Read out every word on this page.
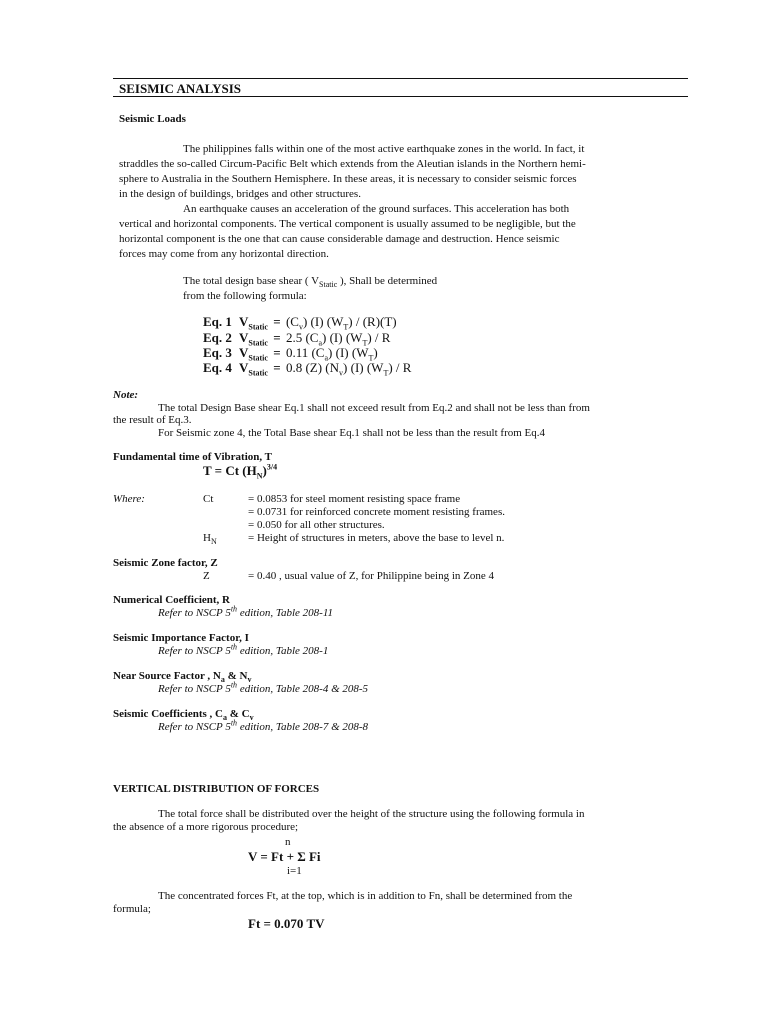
SEISMIC ANALYSIS
Seismic Loads
The philippines falls within one of the most active earthquake zones in the world. In fact, it
straddles the so-called Circum-Pacific Belt which extends from the Aleutian islands in the Northern hemi-
sphere to Australia in the Southern Hemisphere. In these areas, it is necessary to consider seismic forces
in the design of buildings, bridges and other structures.
An earthquake causes an acceleration of the ground surfaces. This acceleration has both
vertical and horizontal components. The vertical component is usually assumed to be negligible, but the
horizontal component is the one that can cause considerable damage and destruction. Hence seismic
forces may come from any horizontal direction.
The total design base shear ( $V_{Static}$ ), Shall be determined
from the following formula:
Eq. 1 $V_{Static} = (C_v)$ (I) $(W_T) / (R)(T)$
Eq. 2 $V_{Static} = 2.5$ $(C_a)$ (I) $(W_T)$ / R
Eq. 3 $V_{Static} = 0.11$ $(C_a)$ (I) $(W_T)$
Eq. 4 $V_{Static} = 0.8$ (Z) $(N_v)$ (I) $(W_T)$ / R
Note:
The total Design Base shear Eq.1 shall not exceed result from Eq.2 and shall not be less than from
the result of Eq.3.
For Seismic zone 4, the Total Base shear Eq.1 shall not be less than the result from Eq.4
Fundamental time of Vibration, T
T = Ct $(H_N)^{3/4}$
Where:	Ct	= 0.0853 for steel moment resisting space frame
= 0.0731 for reinforced concrete moment resisting frames.
= 0.050 for all other structures.
$H_N$	= Height of structures in meters, above the base to level n.
Seismic Zone factor, Z
Z	= 0.40 , usual value of Z, for Philippine being in Zone 4
Numerical Coefficient, R
Refer to NSCP 5th edition, Table 208-11
Seismic Importance Factor, I
Refer to NSCP 5th edition, Table 208-1
Near Source Factor , $N_a$ & $N_v$
Refer to NSCP 5th edition, Table 208-4 & 208-5
Seismic Coefficients , $C_a$ & $C_v$
Refer to NSCP 5th edition, Table 208-7 & 208-8
VERTICAL DISTRIBUTION OF FORCES
The total force shall be distributed over the height of the structure using the following formula in
the absence of a more rigorous procedure;
n
V = Ft + Σ Fi
i=1
The concentrated forces Ft, at the top, which is in addition to Fn, shall be determined from the
formula;
Ft = 0.070 TV
